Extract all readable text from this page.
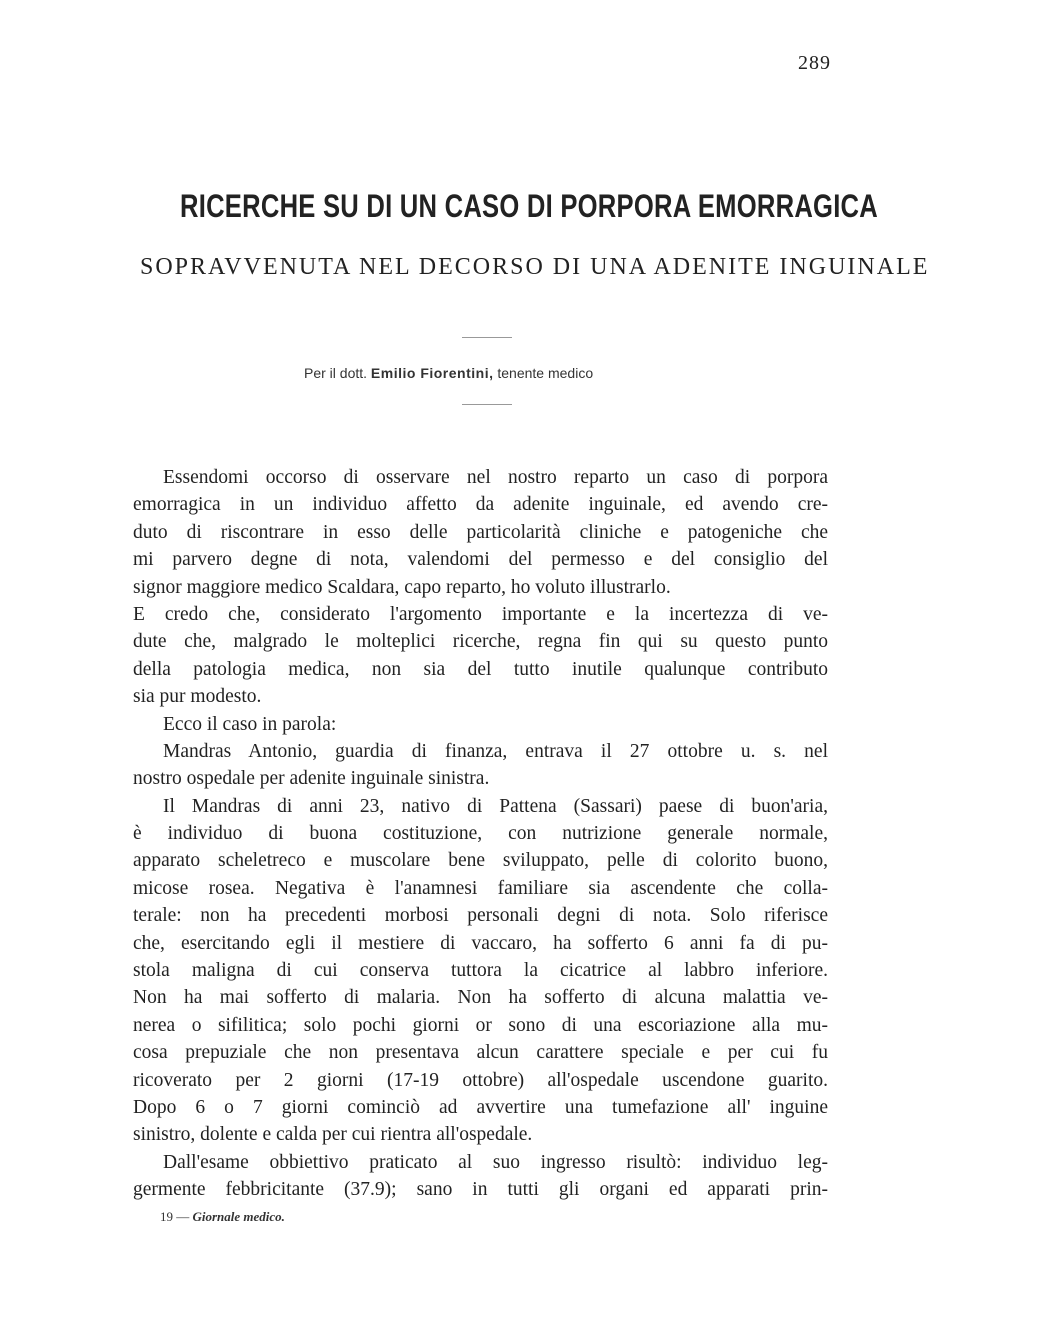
289
RICERCHE SU DI UN CASO DI PORPORA EMORRAGICA
SOPRAVVENUTA NEL DECORSO DI UNA ADENITE INGUINALE
Per il dott. Emilio Fiorentini, tenente medico
Essendomi occorso di osservare nel nostro reparto un caso di porpora
emorragica in un individuo affetto da adenite inguinale, ed avendo cre-
duto di riscontrare in esso delle particolarità cliniche e patogeniche che
mi parvero degne di nota, valendomi del permesso e del consiglio del
signor maggiore medico Scaldara, capo reparto, ho voluto illustrarlo.
E credo che, considerato l'argomento importante e la incertezza di ve-
dute che, malgrado le molteplici ricerche, regna fin qui su questo punto
della patologia medica, non sia del tutto inutile qualunque contributo
sia pur modesto.
Ecco il caso in parola:
Mandras Antonio, guardia di finanza, entrava il 27 ottobre u. s. nel
nostro ospedale per adenite inguinale sinistra.
Il Mandras di anni 23, nativo di Pattena (Sassari) paese di buon'aria,
è individuo di buona costituzione, con nutrizione generale normale,
apparato scheletreco e muscolare bene sviluppato, pelle di colorito buono,
micose rosea. Negativa è l'anamnesi familiare sia ascendente che colla-
terale: non ha precedenti morbosi personali degni di nota. Solo riferisce
che, esercitando egli il mestiere di vaccaro, ha sofferto 6 anni fa di pu-
stola maligna di cui conserva tuttora la cicatrice al labbro inferiore.
Non ha mai sofferto di malaria. Non ha sofferto di alcuna malattia ve-
nerea o sifilitica; solo pochi giorni or sono di una escoriazione alla mu-
cosa prepuziale che non presentava alcun carattere speciale e per cui fu
ricoverato per 2 giorni (17-19 ottobre) all'ospedale uscendone guarito.
Dopo 6 o 7 giorni cominciò ad avvertire una tumefazione all' inguine
sinistro, dolente e calda per cui rientra all'ospedale.
Dall'esame obbiettivo praticato al suo ingresso risultò: individuo leg-
germente febbricitante (37.9); sano in tutti gli organi ed apparati prin-
19 — Giornale medico.
